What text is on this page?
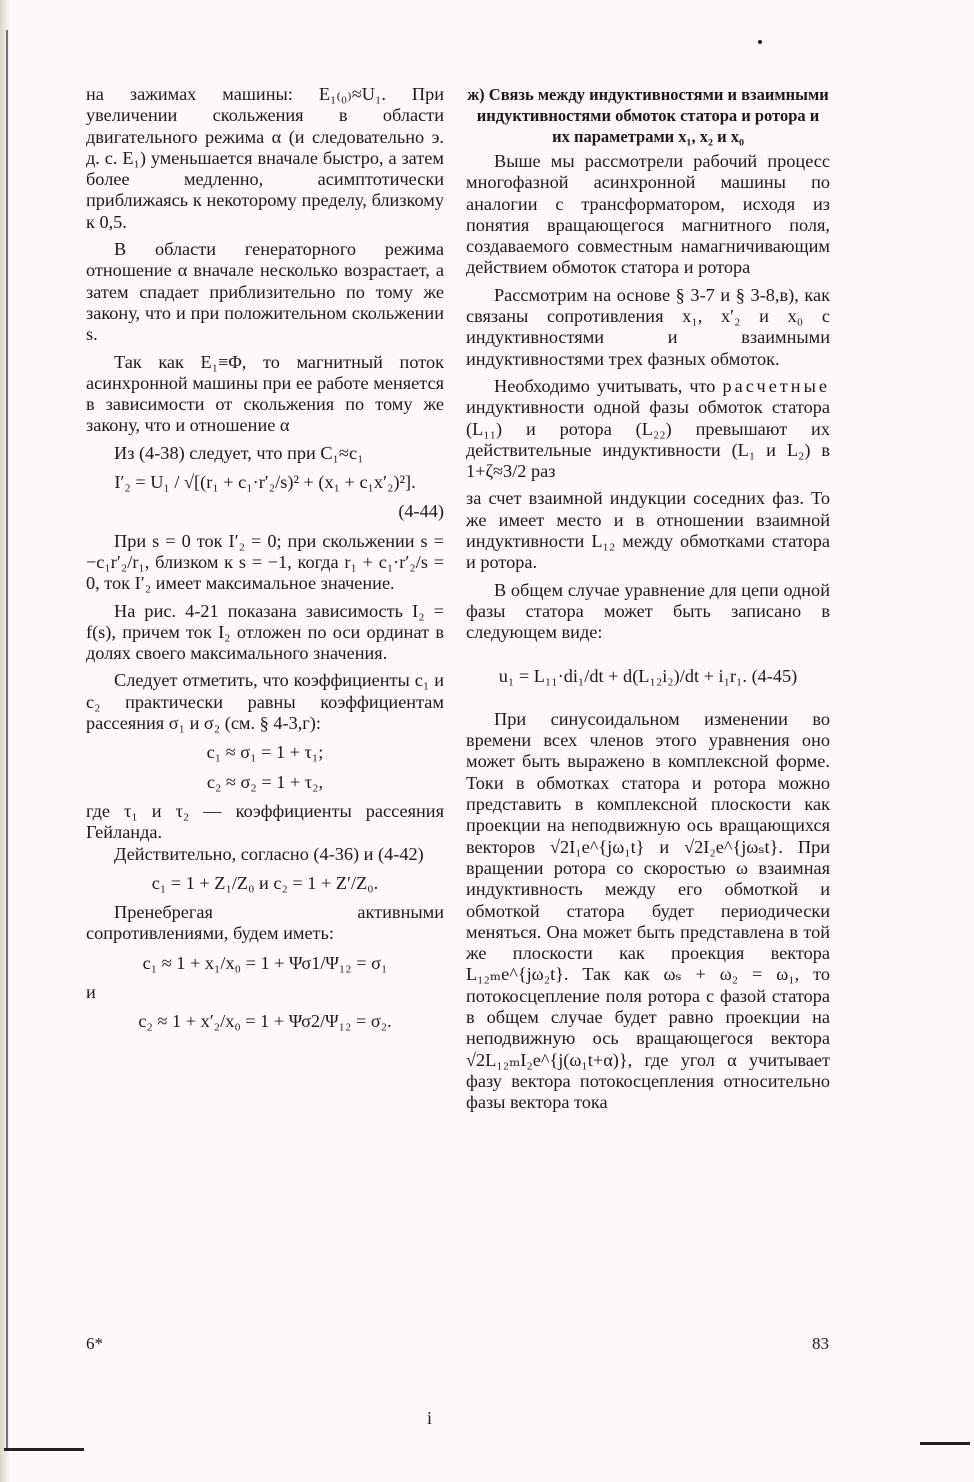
на зажимах машины: E₁₍₀₎≈U₁. При увеличении скольжения в области двигательного режима α (и следовательно э. д. с. E₁) уменьшается вначале быстро, а затем более медленно, асимптотически приближаясь к некоторому пределу, близкому к 0,5.

В области генераторного режима отношение α вначале несколько возрастает, а затем спадает приблизительно по тому же закону, что и при положительном скольжении s.

Так как E₁≡Φ, то магнитный поток асинхронной машины при ее работе меняется в зависимости от скольжения по тому же закону, что и отношение α

Из (4-38) следует, что при C₁≈c₁

I′₂ = U₁ / √[(r₁ + c₁·r′₂/s)² + (x₁ + c₁x′₂)²].
(4-44)

При s = 0 ток I′₂ = 0; при скольжении s = −c₁r′₂/r₁, близком к s = −1, когда r₁ + c₁·r′₂/s = 0, ток I′₂ имеет максимальное значение.

На рис. 4-21 показана зависимость I₂ = f(s), причем ток I₂ отложен по оси ординат в долях своего максимального значения.

Следует отметить, что коэффициенты c₁ и c₂ практически равны коэффициентам рассеяния σ₁ и σ₂ (см. § 4-3,г):

c₁ ≈ σ₁ = 1 + τ₁;
c₂ ≈ σ₂ = 1 + τ₂,

где τ₁ и τ₂ — коэффициенты рассеяния Гейланда.

Действительно, согласно (4-36) и (4-42)

c₁ = 1 + Z₁/Z₀ и c₂ = 1 + Z′/Z₀.

Пренебрегая активными сопротивлениями, будем иметь:

c₁ ≈ 1 + x₁/x₀ = 1 + Ψσ1/Ψ₁₂ = σ₁

и

c₂ ≈ 1 + x′₂/x₀ = 1 + Ψσ2/Ψ₁₂ = σ₂.
ж) Связь между индуктивностями и взаимными индуктивностями обмоток статора и ротора и их параметрами x₁, x₂ и x₀

Выше мы рассмотрели рабочий процесс многофазной асинхронной машины по аналогии с трансформатором, исходя из понятия вращающегося магнитного поля, создаваемого совместным намагничивающим действием обмоток статора и ротора

Рассмотрим на основе § 3-7 и § 3-8,в), как связаны сопротивления x₁, x′₂ и x₀ с индуктивностями и взаимными индуктивностями трех фазных обмоток.

Необходимо учитывать, что расчетные индуктивности одной фазы обмоток статора (L₁₁) и ротора (L₂₂) превышают их действительные индуктивности (L₁ и L₂) в 1+ζ≈3/2 раз

за счет взаимной индукции соседних фаз. То же имеет место и в отношении взаимной индуктивности L₁₂ между обмотками статора и ротора.

В общем случае уравнение для цепи одной фазы статора может быть записано в следующем виде:

u₁ = L₁₁·di₁/dt + d(L₁₂i₂)/dt + i₁r₁. (4-45)

При синусоидальном изменении во времени всех членов этого уравнения оно может быть выражено в комплексной форме. Токи в обмотках статора и ротора можно представить в комплексной плоскости как проекции на неподвижную ось вращающихся векторов √2I₁e^{jω₁t} и √2I₂e^{jωₛt}. При вращении ротора со скоростью ω взаимная индуктивность между его обмоткой и обмоткой статора будет периодически меняться. Она может быть представлена в той же плоскости как проекция вектора L₁₂ₘe^{jω₂t}. Так как ωₛ + ω₂ = ω₁, то потокосцепление поля ротора с фазой статора в общем случае будет равно проекции на неподвижную ось вращающегося вектора √2L₁₂ₘI₂e^{j(ω₁t+α)}, где угол α учитывает фазу вектора потокосцепления относительно фазы вектора тока

6*	83
i
